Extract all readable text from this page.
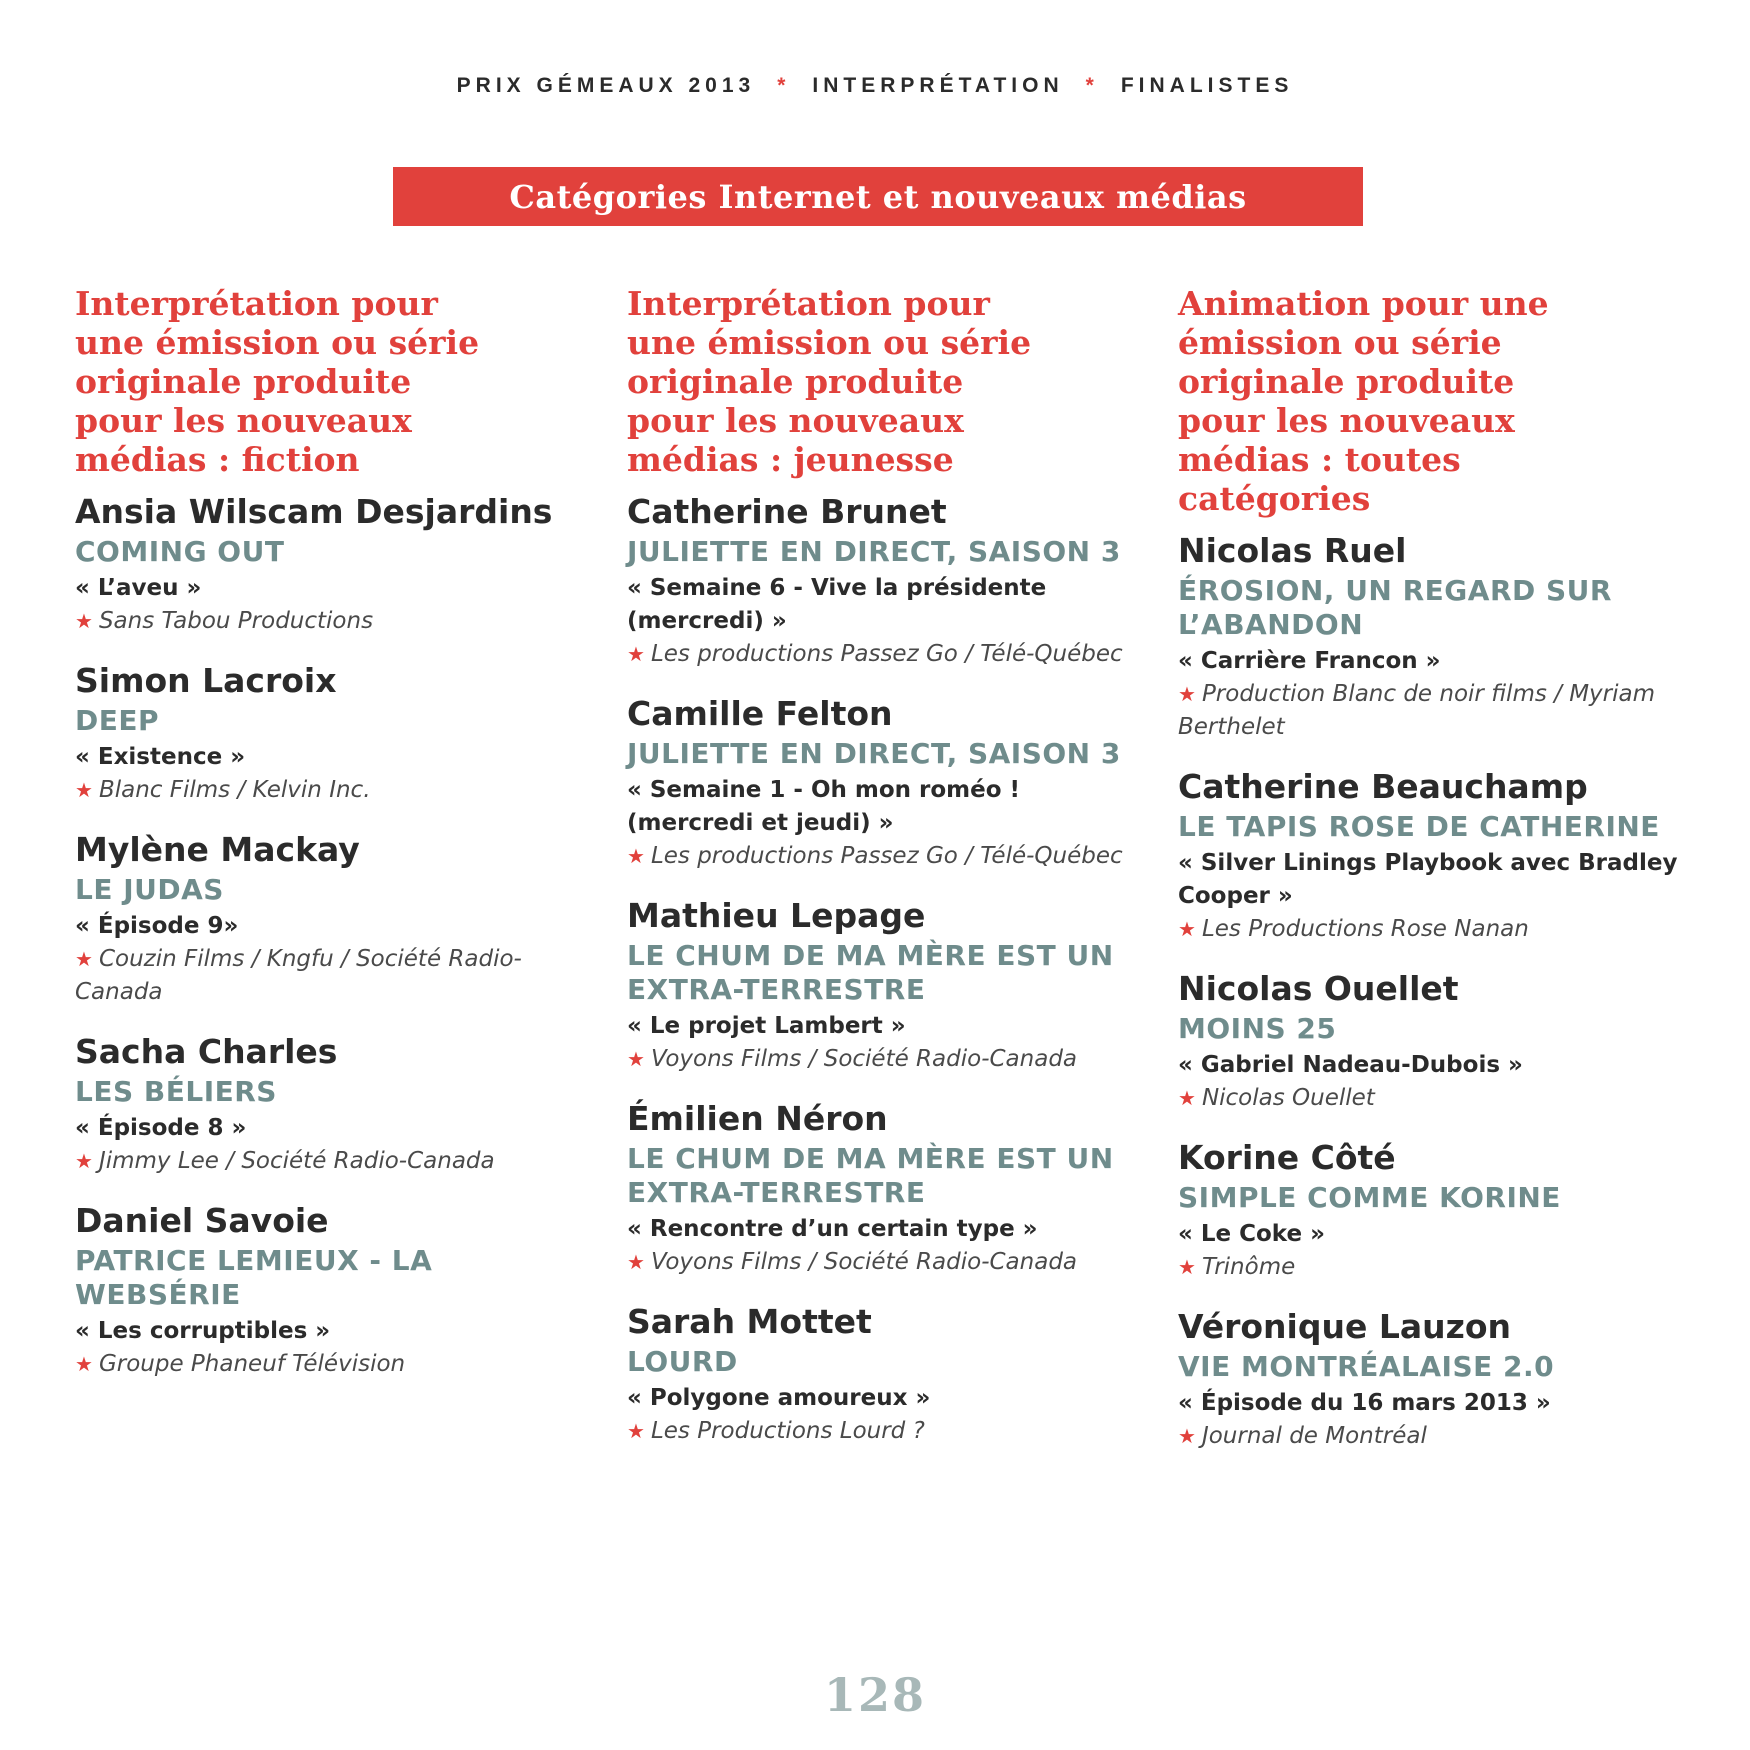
PRIX GÉMEAUX 2013 * INTERPRÉTATION * FINALISTES
Catégories Internet et nouveaux médias
Interprétation pour
une émission ou série
originale produite
pour les nouveaux
médias : fiction
Ansia Wilscam Desjardins
COMING OUT
« L’aveu »
★ Sans Tabou Productions
Simon Lacroix
DEEP
« Existence »
★ Blanc Films / Kelvin Inc.
Mylène Mackay
LE JUDAS
« Épisode 9»
★ Couzin Films / Kngfu / Société Radio-Canada
Sacha Charles
LES BÉLIERS
« Épisode 8 »
★ Jimmy Lee / Société Radio-Canada
Daniel Savoie
PATRICE LEMIEUX - LA WEBSÉRIE
« Les corruptibles »
★ Groupe Phaneuf Télévision
Interprétation pour
une émission ou série
originale produite
pour les nouveaux
médias : jeunesse
Catherine Brunet
JULIETTE EN DIRECT, SAISON 3
« Semaine 6 - Vive la présidente (mercredi) »
★ Les productions Passez Go / Télé-Québec
Camille Felton
JULIETTE EN DIRECT, SAISON 3
« Semaine 1 - Oh mon roméo ! (mercredi et jeudi) »
★ Les productions Passez Go / Télé-Québec
Mathieu Lepage
LE CHUM DE MA MÈRE EST UN EXTRA-TERRESTRE
« Le projet Lambert »
★ Voyons Films / Société Radio-Canada
Émilien Néron
LE CHUM DE MA MÈRE EST UN EXTRA-TERRESTRE
« Rencontre d’un certain type »
★ Voyons Films / Société Radio-Canada
Sarah Mottet
LOURD
« Polygone amoureux »
★ Les Productions Lourd ?
Animation pour une
émission ou série
originale produite
pour les nouveaux
médias : toutes
catégories
Nicolas Ruel
ÉROSION, UN REGARD SUR L’ABANDON
« Carrière Francon »
★ Production Blanc de noir films / Myriam Berthelet
Catherine Beauchamp
LE TAPIS ROSE DE CATHERINE
« Silver Linings Playbook avec Bradley Cooper »
★ Les Productions Rose Nanan
Nicolas Ouellet
MOINS 25
« Gabriel Nadeau-Dubois »
★ Nicolas Ouellet
Korine Côté
SIMPLE COMME KORINE
« Le Coke »
★ Trinôme
Véronique Lauzon
VIE MONTRÉALAISE 2.0
« Épisode du 16 mars 2013 »
★ Journal de Montréal
128
